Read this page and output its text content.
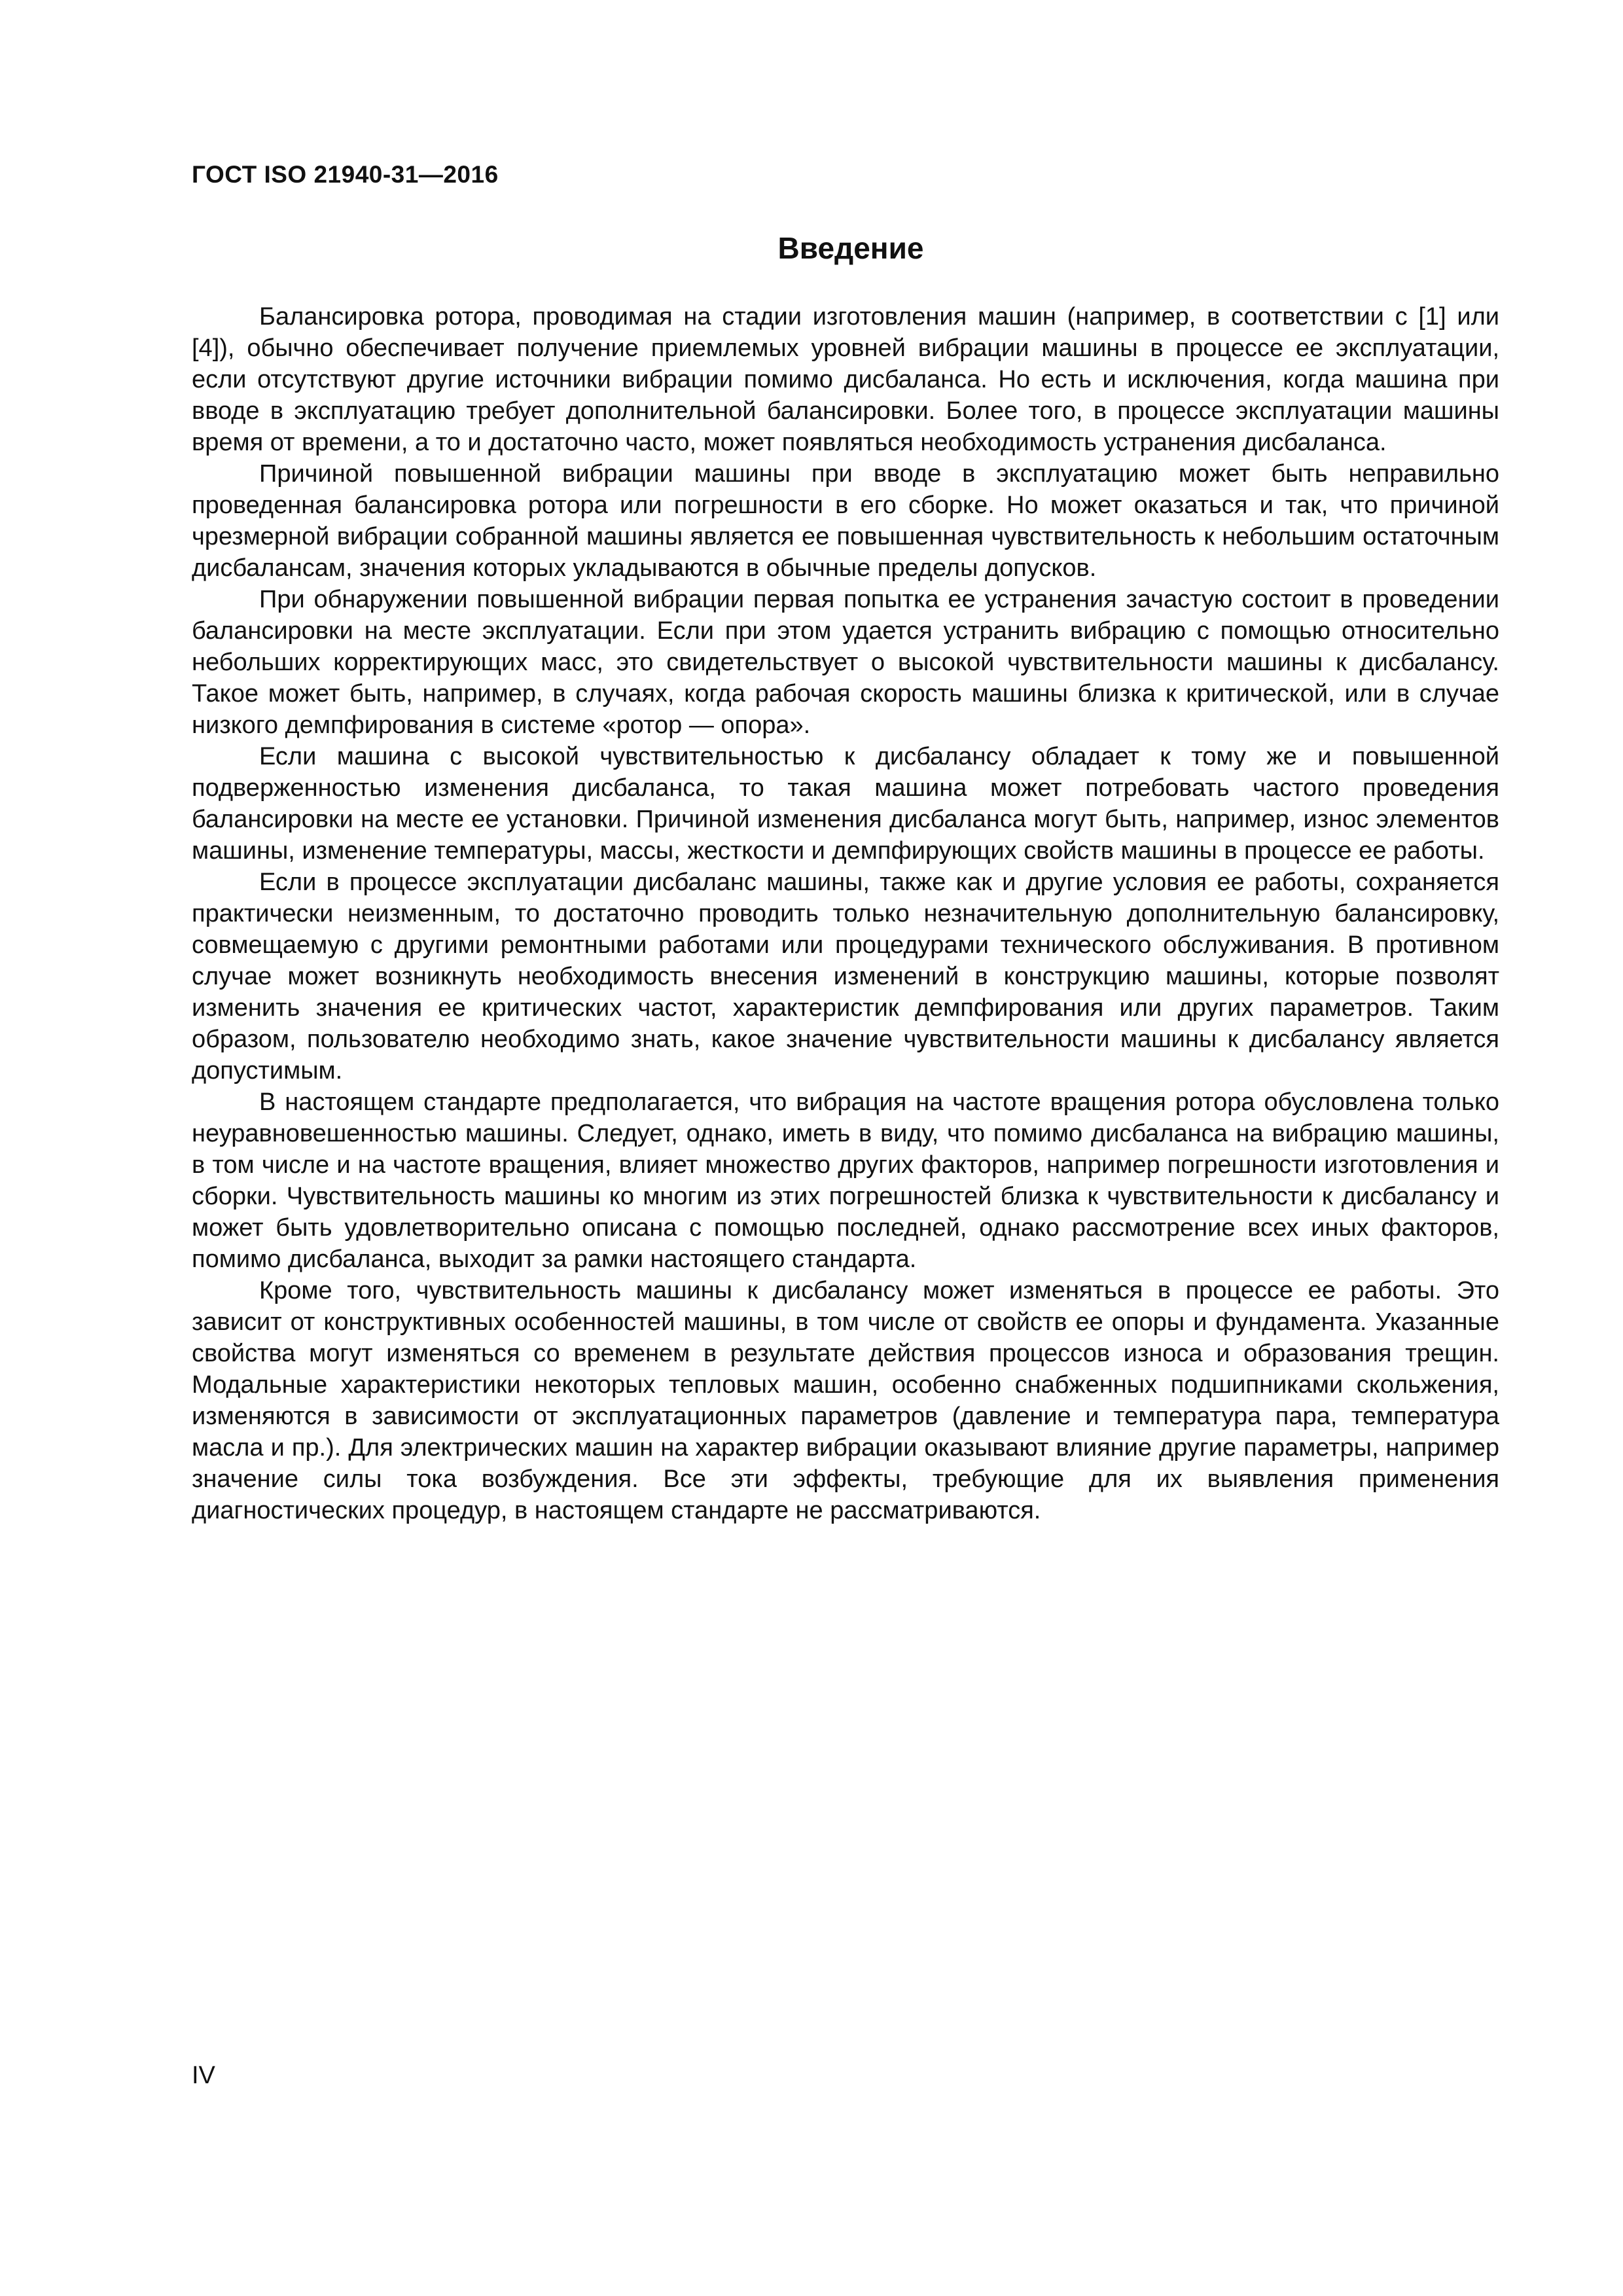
ГОСТ ISO 21940-31—2016
Введение

Балансировка ротора, проводимая на стадии изготовления машин (например, в соответствии с [1] или [4]), обычно обеспечивает получение приемлемых уровней вибрации машины в процессе ее эксплуатации, если отсутствуют другие источники вибрации помимо дисбаланса. Но есть и исключения, когда машина при вводе в эксплуатацию требует дополнительной балансировки. Более того, в процессе эксплуатации машины время от времени, а то и достаточно часто, может появляться необходимость устранения дисбаланса.

Причиной повышенной вибрации машины при вводе в эксплуатацию может быть неправильно проведенная балансировка ротора или погрешности в его сборке. Но может оказаться и так, что причиной чрезмерной вибрации собранной машины является ее повышенная чувствительность к небольшим остаточным дисбалансам, значения которых укладываются в обычные пределы допусков.

При обнаружении повышенной вибрации первая попытка ее устранения зачастую состоит в проведении балансировки на месте эксплуатации. Если при этом удается устранить вибрацию с помощью относительно небольших корректирующих масс, это свидетельствует о высокой чувствительности машины к дисбалансу. Такое может быть, например, в случаях, когда рабочая скорость машины близка к критической, или в случае низкого демпфирования в системе «ротор — опора».

Если машина с высокой чувствительностью к дисбалансу обладает к тому же и повышенной подверженностью изменения дисбаланса, то такая машина может потребовать частого проведения балансировки на месте ее установки. Причиной изменения дисбаланса могут быть, например, износ элементов машины, изменение температуры, массы, жесткости и демпфирующих свойств машины в процессе ее работы.

Если в процессе эксплуатации дисбаланс машины, также как и другие условия ее работы, сохраняется практически неизменным, то достаточно проводить только незначительную дополнительную балансировку, совмещаемую с другими ремонтными работами или процедурами технического обслуживания. В противном случае может возникнуть необходимость внесения изменений в конструкцию машины, которые позволят изменить значения ее критических частот, характеристик демпфирования или других параметров. Таким образом, пользователю необходимо знать, какое значение чувствительности машины к дисбалансу является допустимым.

В настоящем стандарте предполагается, что вибрация на частоте вращения ротора обусловлена только неуравновешенностью машины. Следует, однако, иметь в виду, что помимо дисбаланса на вибрацию машины, в том числе и на частоте вращения, влияет множество других факторов, например погрешности изготовления и сборки. Чувствительность машины ко многим из этих погрешностей близка к чувствительности к дисбалансу и может быть удовлетворительно описана с помощью последней, однако рассмотрение всех иных факторов, помимо дисбаланса, выходит за рамки настоящего стандарта.

Кроме того, чувствительность машины к дисбалансу может изменяться в процессе ее работы. Это зависит от конструктивных особенностей машины, в том числе от свойств ее опоры и фундамента. Указанные свойства могут изменяться со временем в результате действия процессов износа и образования трещин. Модальные характеристики некоторых тепловых машин, особенно снабженных подшипниками скольжения, изменяются в зависимости от эксплуатационных параметров (давление и температура пара, температура масла и пр.). Для электрических машин на характер вибрации оказывают влияние другие параметры, например значение силы тока возбуждения. Все эти эффекты, требующие для их выявления применения диагностических процедур, в настоящем стандарте не рассматриваются.

IV
